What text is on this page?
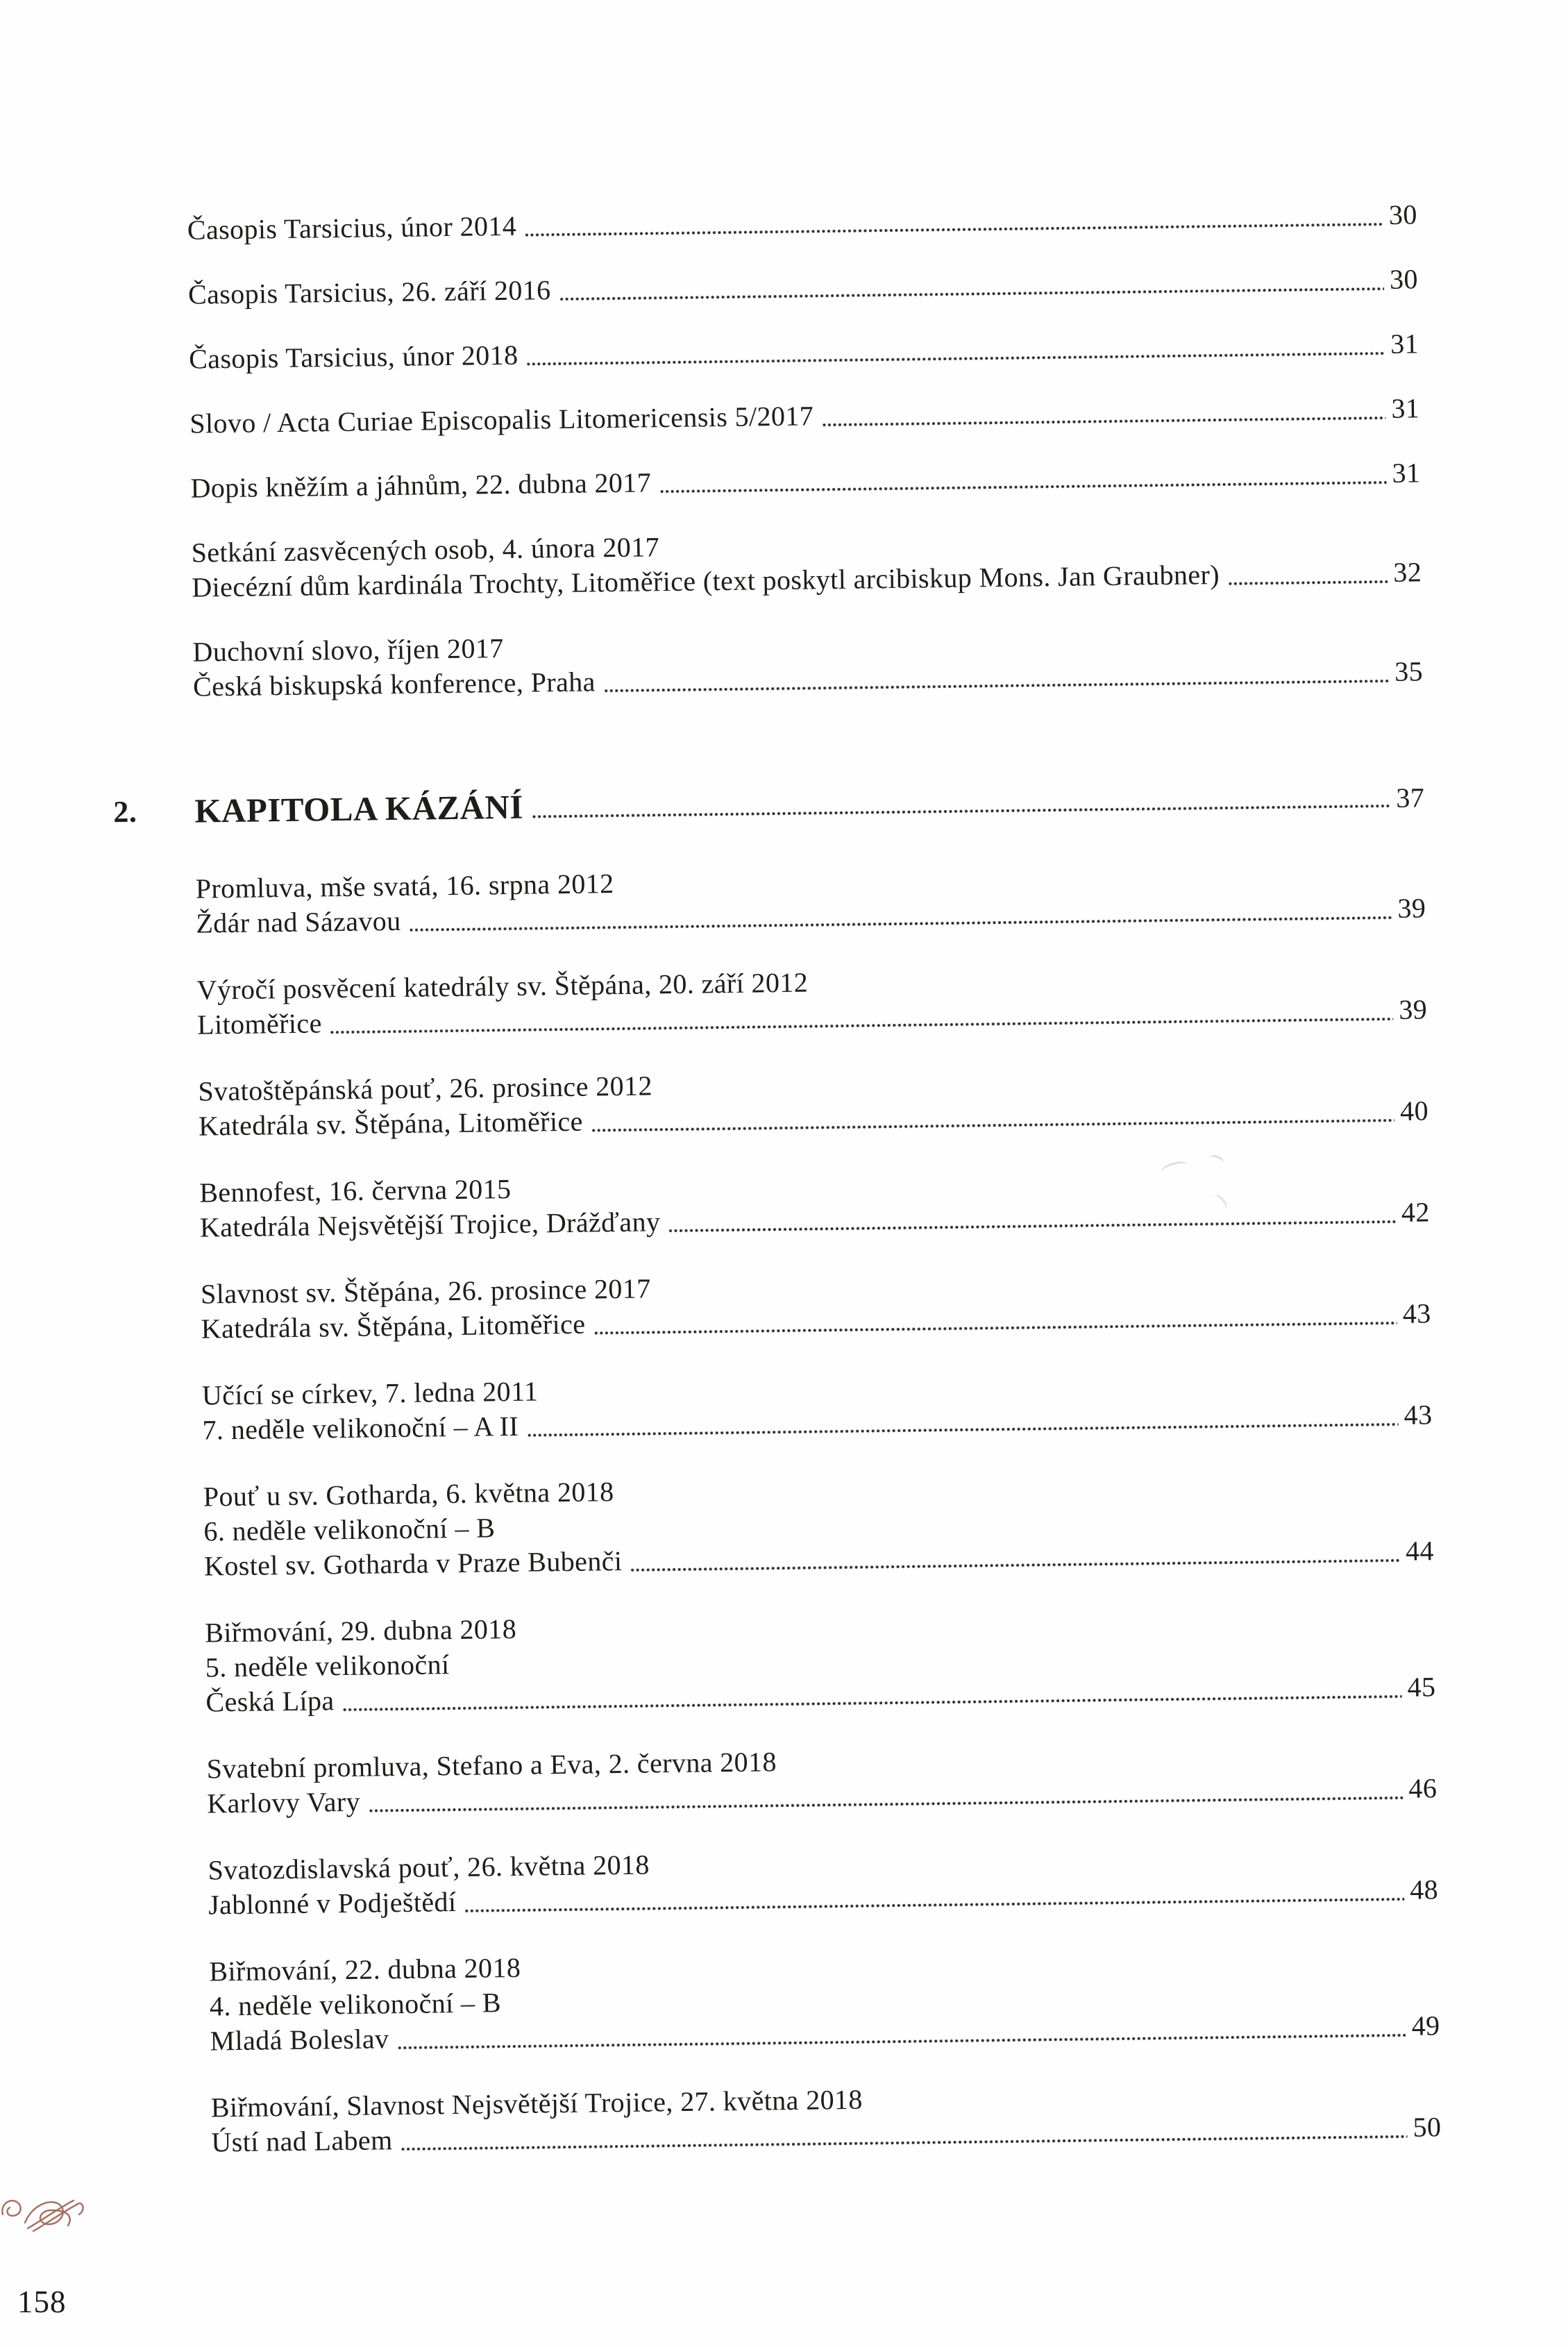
Časopis Tarsicius, únor 2014	30
Časopis Tarsicius, 26. září 2016	30
Časopis Tarsicius, únor 2018	31
Slovo / Acta Curiae Episcopalis Litomericensis 5/2017	31
Dopis kněžím a jáhnům, 22. dubna 2017	31
Setkání zasvěcených osob, 4. února 2017
Diecézní dům kardinála Trochty, Litoměřice (text poskytl arcibiskup Mons. Jan Graubner)	32
Duchovní slovo, říjen 2017
Česká biskupská konference, Praha	35
2.	KAPITOLA KÁZÁNÍ	37
Promluva, mše svatá, 16. srpna 2012
Ždár nad Sázavou	39
Výročí posvěcení katedrály sv. Štěpána, 20. září 2012
Litoměřice	39
Svatoštěpánská pouť, 26. prosince 2012
Katedrála sv. Štěpána, Litoměřice	40
Bennofest, 16. června 2015
Katedrála Nejsvětější Trojice, Drážďany	42
Slavnost sv. Štěpána, 26. prosince 2017
Katedrála sv. Štěpána, Litoměřice	43
Učící se církev, 7. ledna 2011
7. neděle velikonoční – A II	43
Pouť u sv. Gotharda, 6. května 2018
6. neděle velikonoční – B
Kostel sv. Gotharda v Praze Bubenči	44
Biřmování, 29. dubna 2018
5. neděle velikonoční
Česká Lípa	45
Svatební promluva, Stefano a Eva, 2. června 2018
Karlovy Vary	46
Svatozdislavská pouť, 26. května 2018
Jablonné v Podještědí	48
Biřmování, 22. dubna 2018
4. neděle velikonoční – B
Mladá Boleslav	49
Biřmování, Slavnost Nejsvětější Trojice, 27. května 2018
Ústí nad Labem	50
158
